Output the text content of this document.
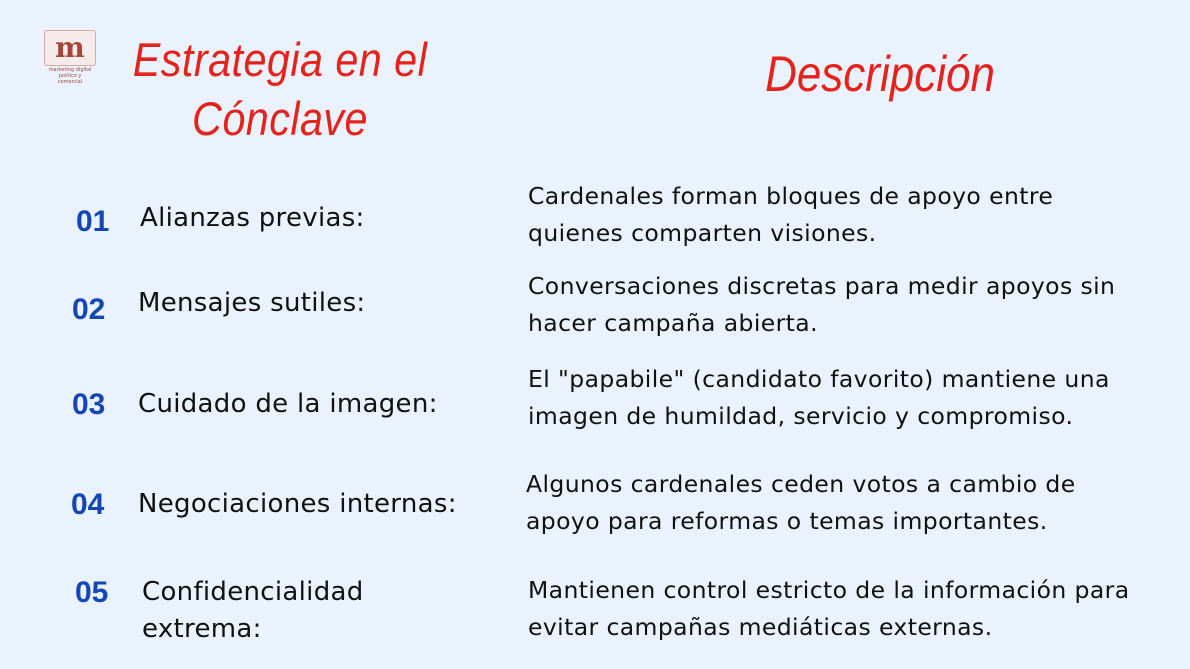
m
marketing digital político y
comercial	Estrategia en el
Cónclave
Descripción
01 Alianzas previas:
Cardenales forman bloques de apoyo entre
quienes comparten visiones.
02 Mensajes sutiles:
Conversaciones discretas para medir apoyos sin
hacer campaña abierta.
03 Cuidado de la imagen:
El "papabile" (candidato favorito) mantiene una
imagen de humildad, servicio y compromiso.
04 Negociaciones internas:
Algunos cardenales ceden votos a cambio de
apoyo para reformas o temas importantes.
05 Confidencialidad
extrema:
Mantienen control estricto de la información para
evitar campañas mediáticas externas.
